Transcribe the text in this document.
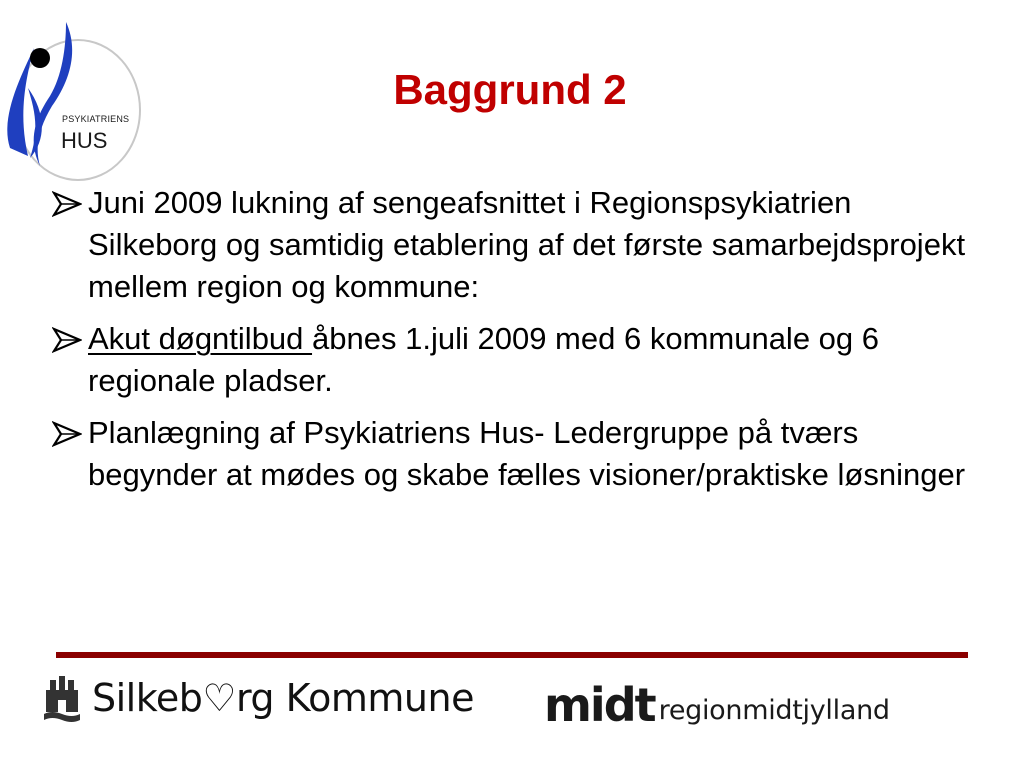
PSYKIATRIENS
HUS
Baggrund 2
Juni 2009 lukning af sengeafsnittet i Regionspsykiatrien Silkeborg og samtidig etablering af det første samarbejdsprojekt mellem region og kommune:
Akut døgntilbud åbnes 1.juli 2009 med 6 kommunale og 6 regionale pladser.
Planlægning af Psykiatriens Hus- Ledergruppe på tværs begynder at mødes og skabe fælles visioner/praktiske løsninger
Silkeb♡rg Kommune midt regionmidtjylland
